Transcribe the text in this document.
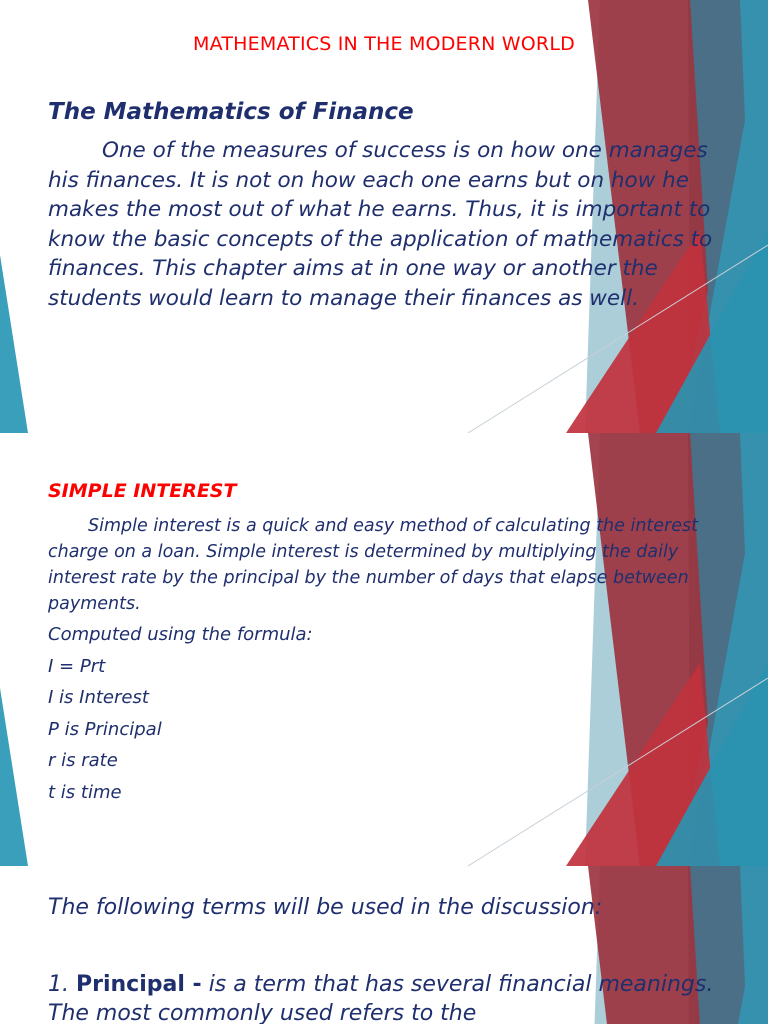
MATHEMATICS IN THE MODERN WORLD
The Mathematics of Finance

One of the measures of success is on how one manages his finances. It is not on how each one earns but on how he makes the most out of what he earns. Thus, it is important to know the basic concepts of the application of mathematics to finances. This chapter aims at in one way or another the students would learn to manage their finances as well.

SIMPLE INTEREST

Simple interest is a quick and easy method of calculating the interest charge on a loan. Simple interest is determined by multiplying the daily interest rate by the principal by the number of days that elapse between payments.

Computed using the formula:
I = Prt
I is Interest
P is Principal
r is rate
t is time

The following terms will be used in the discussion:

1. Principal - is a term that has several financial meanings. The most commonly used refers to the
